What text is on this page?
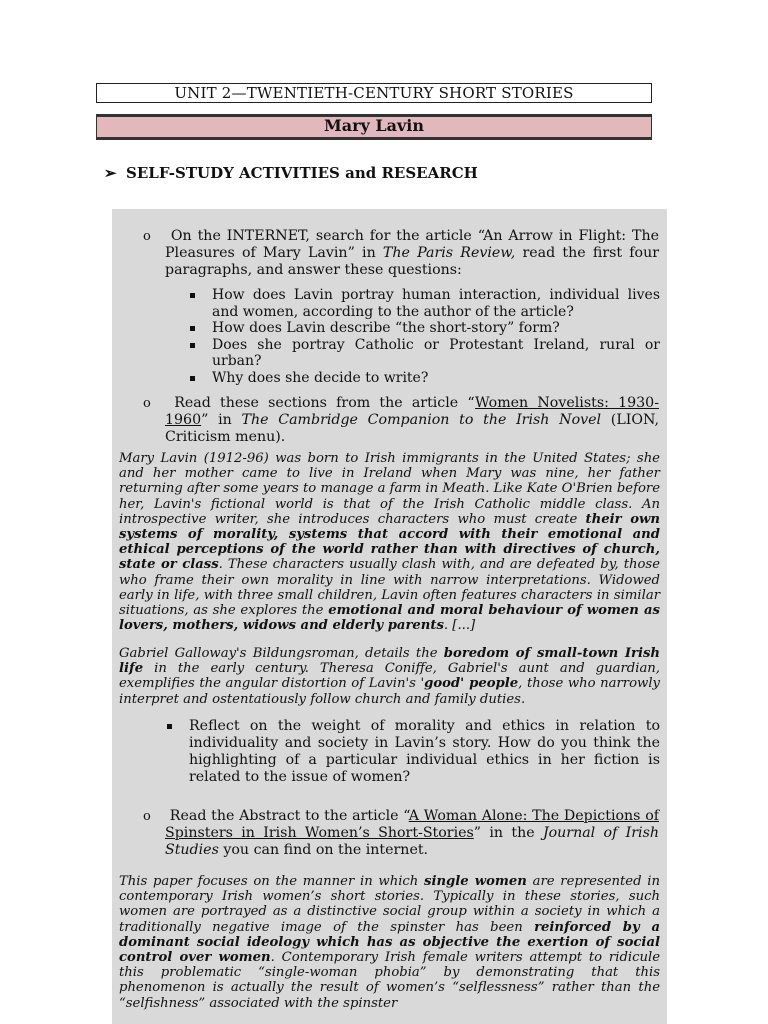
UNIT 2—TWENTIETH-CENTURY SHORT STORIES
Mary Lavin
➢ SELF-STUDY ACTIVITIES and RESEARCH
o On the INTERNET, search for the article “An Arrow in Flight: The Pleasures of Mary Lavin” in The Paris Review, read the first four paragraphs, and answer these questions:
How does Lavin portray human interaction, individual lives and women, according to the author of the article?
How does Lavin describe “the short-story” form?
Does she portray Catholic or Protestant Ireland, rural or urban?
Why does she decide to write?
o Read these sections from the article “Women Novelists: 1930-1960” in The Cambridge Companion to the Irish Novel (LION, Criticism menu).
Mary Lavin (1912-96) was born to Irish immigrants in the United States; she and her mother came to live in Ireland when Mary was nine, her father returning after some years to manage a farm in Meath. Like Kate O'Brien before her, Lavin's fictional world is that of the Irish Catholic middle class. An introspective writer, she introduces characters who must create their own systems of morality, systems that accord with their emotional and ethical perceptions of the world rather than with directives of church, state or class. These characters usually clash with, and are defeated by, those who frame their own morality in line with narrow interpretations. Widowed early in life, with three small children, Lavin often features characters in similar situations, as she explores the emotional and moral behaviour of women as lovers, mothers, widows and elderly parents. [...]
Gabriel Galloway's Bildungsroman, details the boredom of small-town Irish life in the early century. Theresa Coniffe, Gabriel's aunt and guardian, exemplifies the angular distortion of Lavin's 'good' people, those who narrowly interpret and ostentatiously follow church and family duties.
Reflect on the weight of morality and ethics in relation to individuality and society in Lavin’s story. How do you think the highlighting of a particular individual ethics in her fiction is related to the issue of women?
o Read the Abstract to the article “A Woman Alone: The Depictions of Spinsters in Irish Women’s Short-Stories” in the Journal of Irish Studies you can find on the internet.
This paper focuses on the manner in which single women are represented in contemporary Irish women’s short stories. Typically in these stories, such women are portrayed as a distinctive social group within a society in which a traditionally negative image of the spinster has been reinforced by a dominant social ideology which has as objective the exertion of social control over women. Contemporary Irish female writers attempt to ridicule this problematic “single-woman phobia” by demonstrating that this phenomenon is actually the result of women’s “selflessness” rather than the “selfishness” associated with the spinster
